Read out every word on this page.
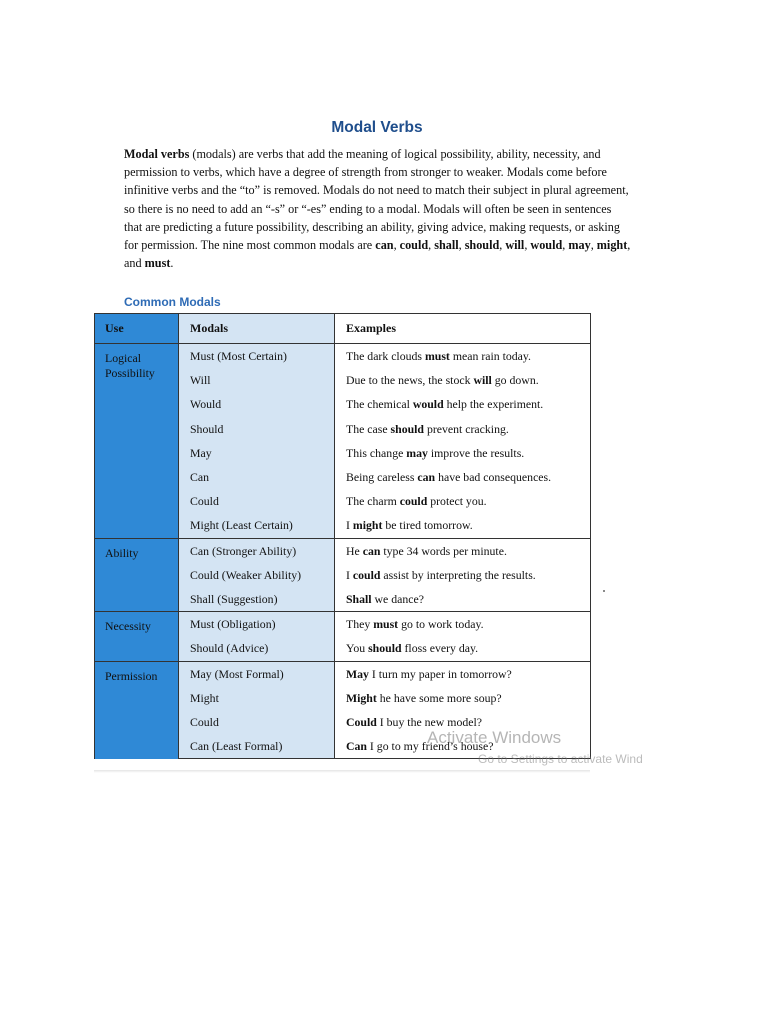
Modal Verbs

Modal verbs (modals) are verbs that add the meaning of logical possibility, ability, necessity, and permission to verbs, which have a degree of strength from stronger to weaker. Modals come before infinitive verbs and the “to” is removed. Modals do not need to match their subject in plural agreement, so there is no need to add an “-s” or “-es” ending to a modal. Modals will often be seen in sentences that are predicting a future possibility, describing an ability, giving advice, making requests, or asking for permission. The nine most common modals are can, could, shall, should, will, would, may, might, and must.

Common Modals
Use	Modals	Examples
Logical Possibility	Must (Most Certain)	The dark clouds must mean rain today.
	Will	Due to the news, the stock will go down.
	Would	The chemical would help the experiment.
	Should	The case should prevent cracking.
	May	This change may improve the results.
	Can	Being careless can have bad consequences.
	Could	The charm could protect you.
	Might (Least Certain)	I might be tired tomorrow.
Ability	Can (Stronger Ability)	He can type 34 words per minute.
	Could (Weaker Ability)	I could assist by interpreting the results.
	Shall (Suggestion)	Shall we dance?
Necessity	Must (Obligation)	They must go to work today.
	Should (Advice)	You should floss every day.
Permission	May (Most Formal)	May I turn my paper in tomorrow?
	Might	Might he have some more soup?
	Could	Could I buy the new model?
	Can (Least Formal)	Can I go to my friend’s house?
Activate Windows
Go to Settings to activate Wind
